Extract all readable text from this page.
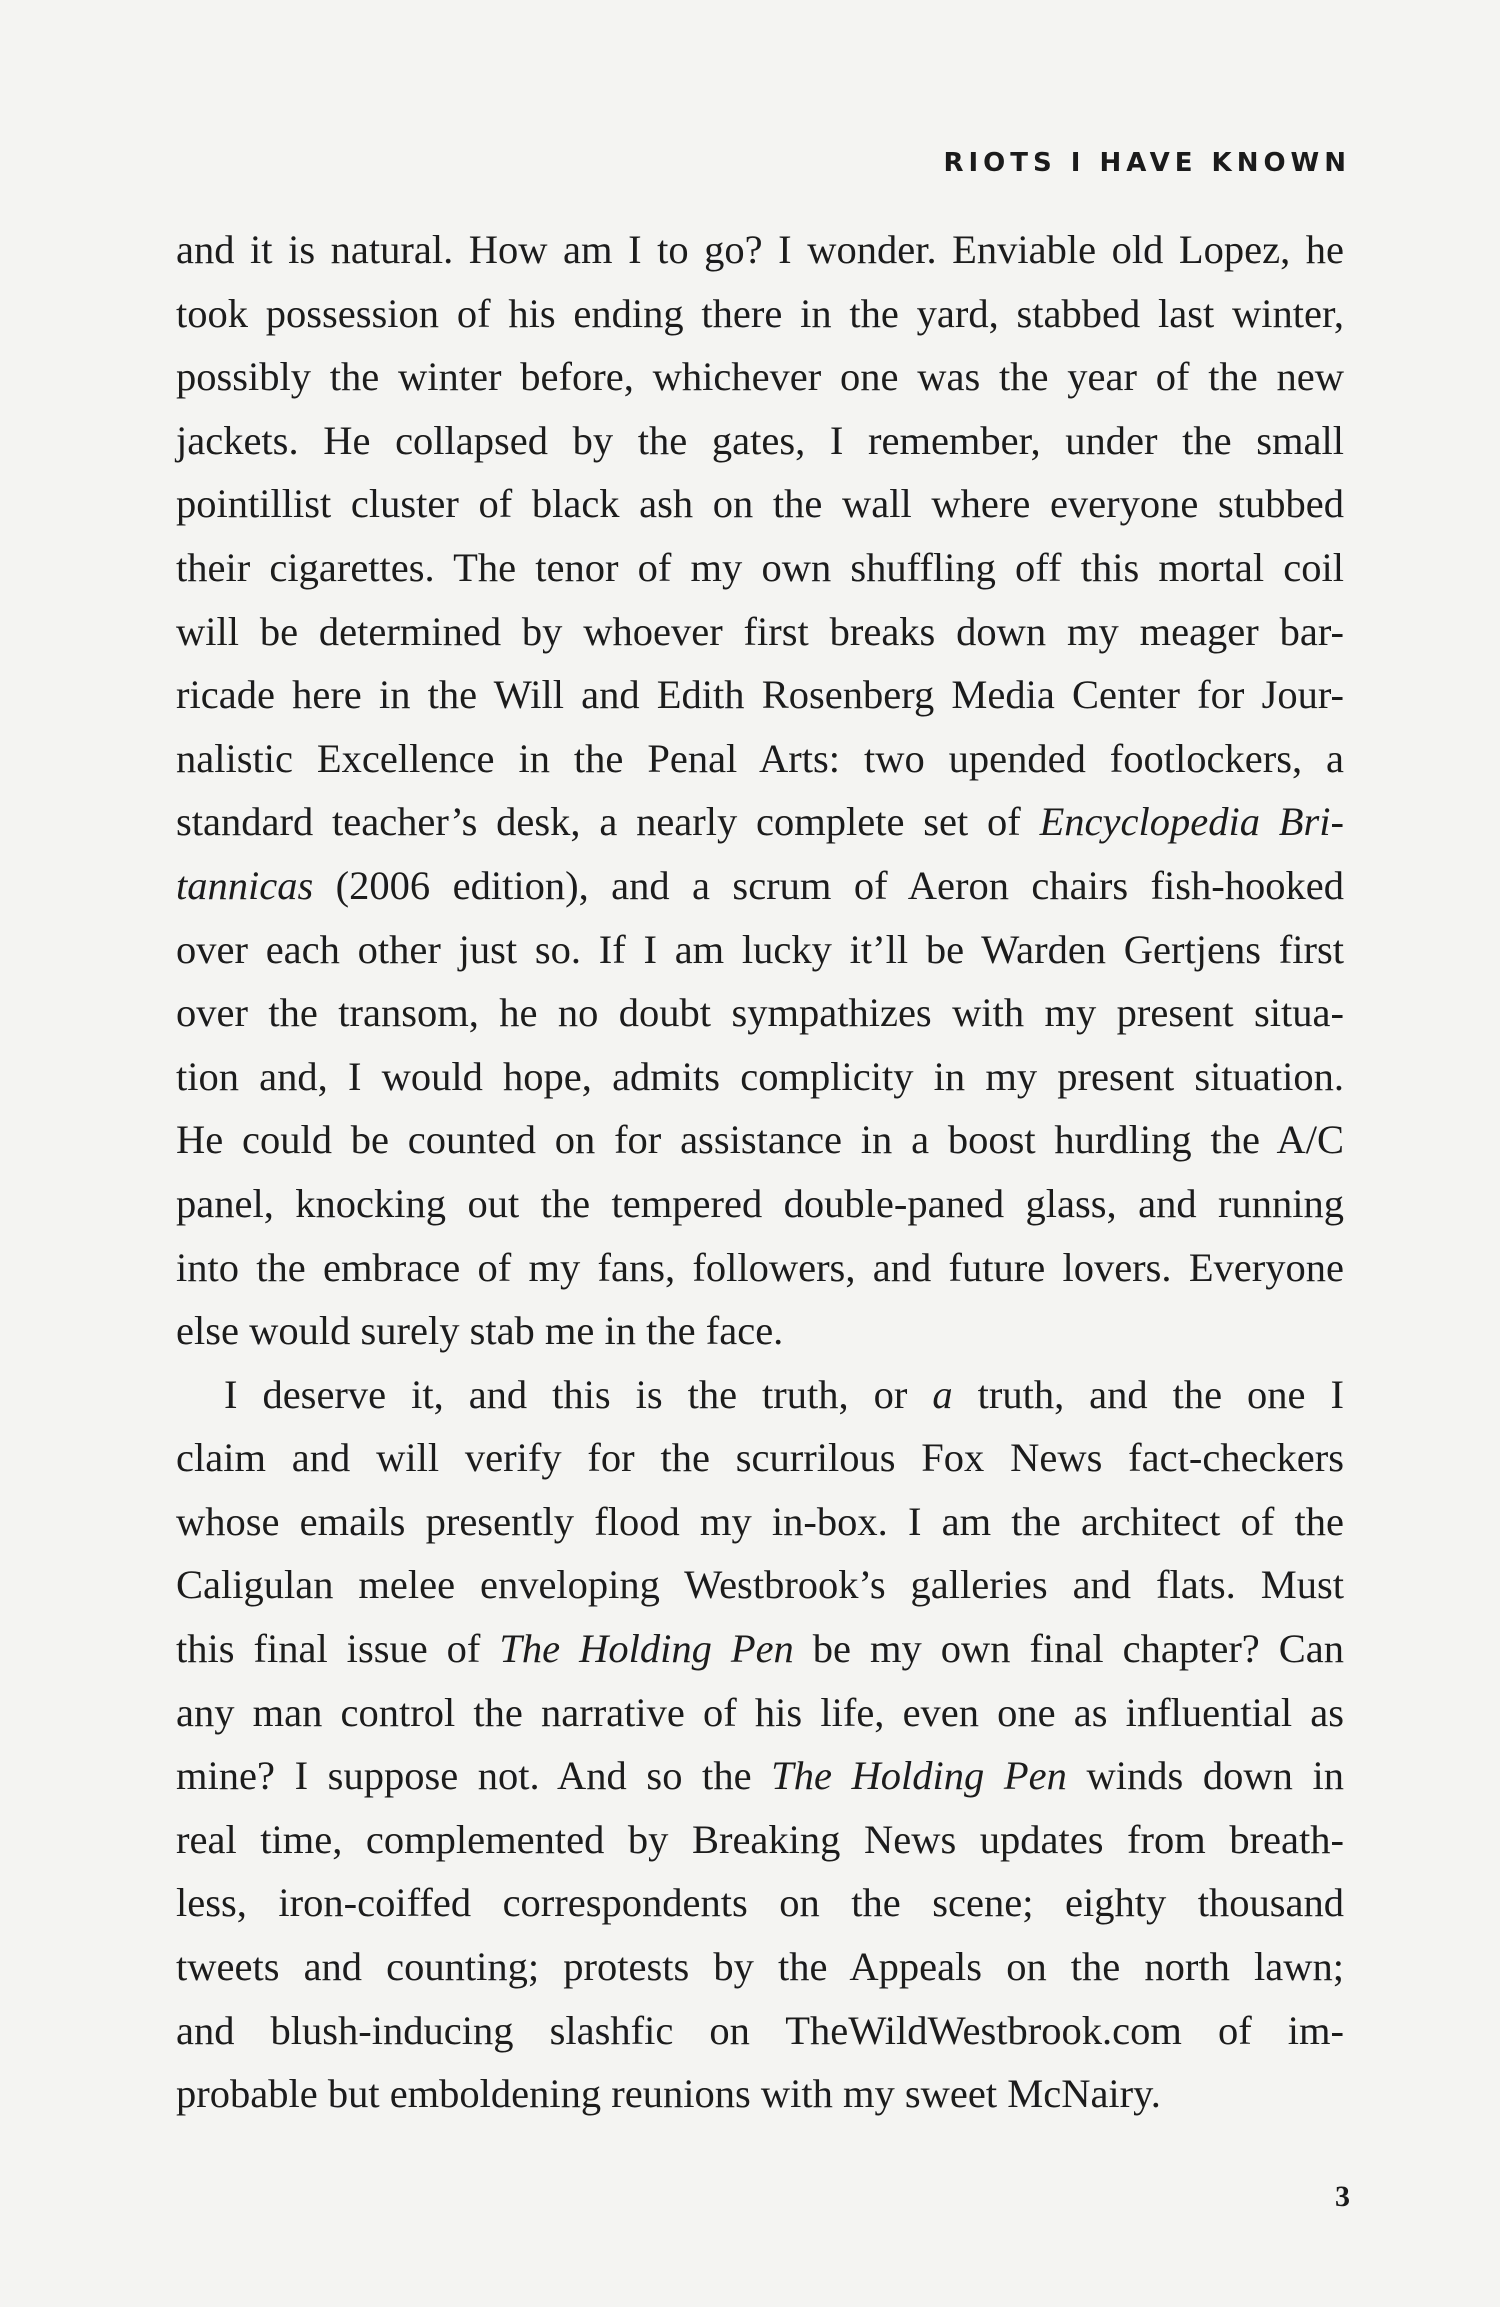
RIOTS I HAVE KNOWN
and it is natural. How am I to go? I wonder. Enviable old Lopez, he
took possession of his ending there in the yard, stabbed last winter,
possibly the winter before, whichever one was the year of the new
jackets. He collapsed by the gates, I remember, under the small
pointillist cluster of black ash on the wall where everyone stubbed
their cigarettes. The tenor of my own shuffling off this mortal coil
will be determined by whoever first breaks down my meager bar-
ricade here in the Will and Edith Rosenberg Media Center for Jour-
nalistic Excellence in the Penal Arts: two upended footlockers, a
standard teacher’s desk, a nearly complete set of Encyclopedia Bri-
tannicas (2006 edition), and a scrum of Aeron chairs fish-hooked
over each other just so. If I am lucky it’ll be Warden Gertjens first
over the transom, he no doubt sympathizes with my present situa-
tion and, I would hope, admits complicity in my present situation.
He could be counted on for assistance in a boost hurdling the A/C
panel, knocking out the tempered double-paned glass, and running
into the embrace of my fans, followers, and future lovers. Everyone
else would surely stab me in the face.
I deserve it, and this is the truth, or a truth, and the one I
claim and will verify for the scurrilous Fox News fact-checkers
whose emails presently flood my in-box. I am the architect of the
Caligulan melee enveloping Westbrook’s galleries and flats. Must
this final issue of The Holding Pen be my own final chapter? Can
any man control the narrative of his life, even one as influential as
mine? I suppose not. And so the The Holding Pen winds down in
real time, complemented by Breaking News updates from breath-
less, iron-coiffed correspondents on the scene; eighty thousand
tweets and counting; protests by the Appeals on the north lawn;
and blush-inducing slashfic on TheWildWestbrook.com of im-
probable but emboldening reunions with my sweet McNairy.
3
